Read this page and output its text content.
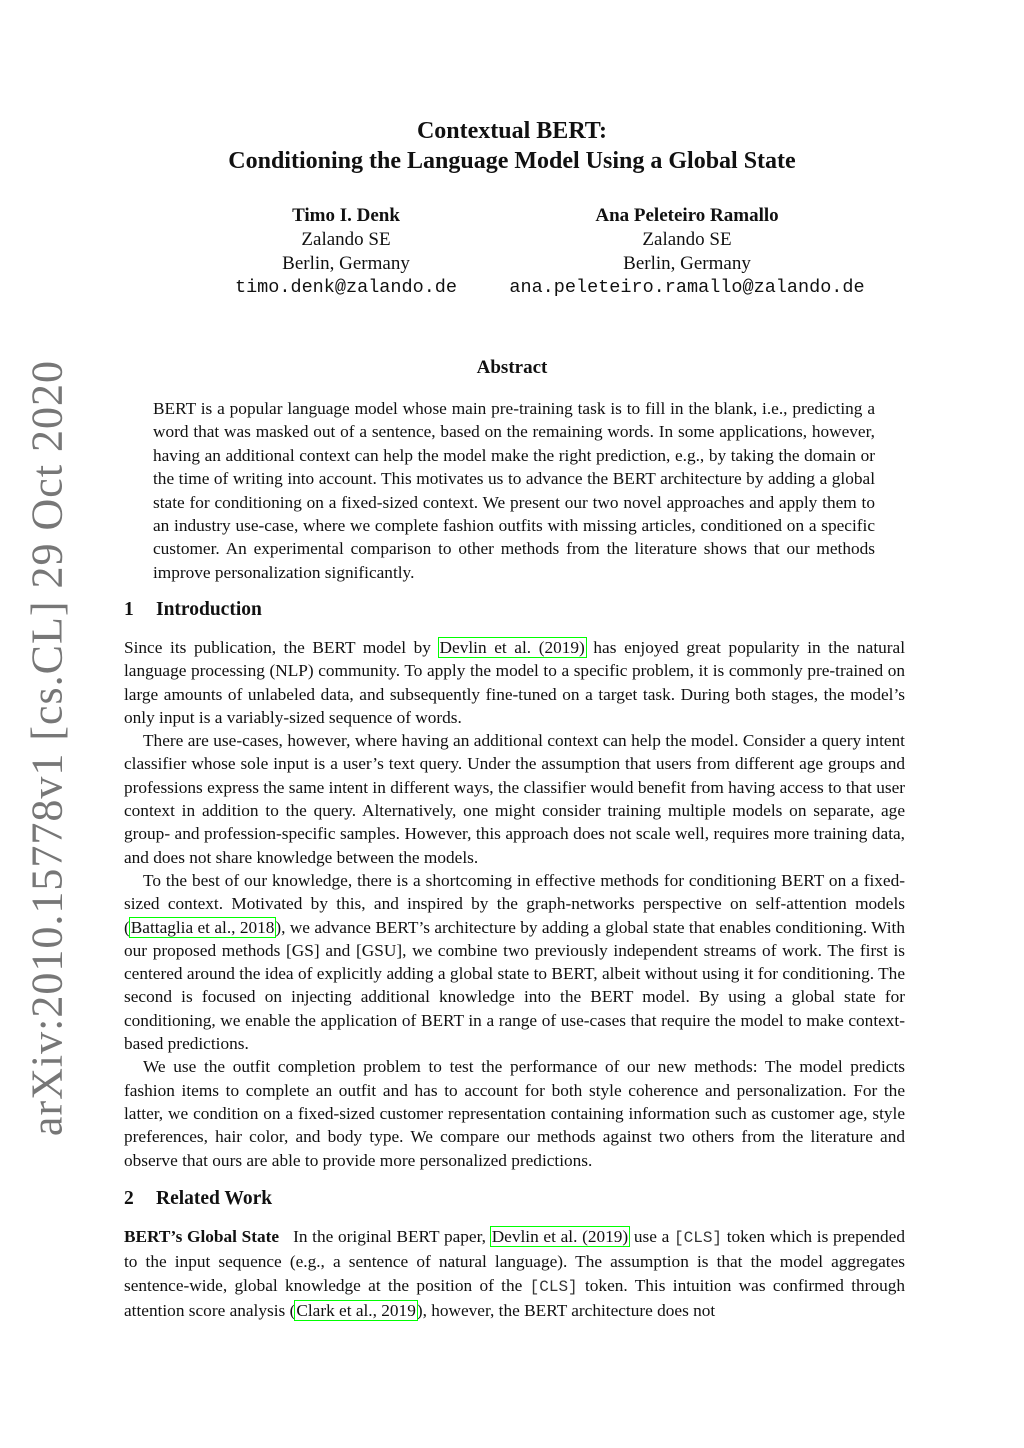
arXiv:2010.15778v1 [cs.CL] 29 Oct 2020
Contextual BERT:
Conditioning the Language Model Using a Global State
Timo I. Denk
Zalando SE
Berlin, Germany
timo.denk@zalando.de
Ana Peleteiro Ramallo
Zalando SE
Berlin, Germany
ana.peleteiro.ramallo@zalando.de
Abstract
BERT is a popular language model whose main pre-training task is to fill in the blank, i.e., predicting a word that was masked out of a sentence, based on the remaining words. In some applications, however, having an additional context can help the model make the right prediction, e.g., by taking the domain or the time of writing into account. This motivates us to advance the BERT architecture by adding a global state for conditioning on a fixed-sized context. We present our two novel approaches and apply them to an industry use-case, where we complete fashion outfits with missing articles, conditioned on a specific customer. An experimental comparison to other methods from the literature shows that our methods improve personalization significantly.
1 Introduction

Since its publication, the BERT model by Devlin et al. (2019) has enjoyed great popularity in the natural language processing (NLP) community. To apply the model to a specific problem, it is commonly pre-trained on large amounts of unlabeled data, and subsequently fine-tuned on a target task. During both stages, the model’s only input is a variably-sized sequence of words.

There are use-cases, however, where having an additional context can help the model. Consider a query intent classifier whose sole input is a user’s text query. Under the assumption that users from different age groups and professions express the same intent in different ways, the classifier would benefit from having access to that user context in addition to the query. Alternatively, one might consider training multiple models on separate, age group- and profession-specific samples. However, this approach does not scale well, requires more training data, and does not share knowledge between the models.

To the best of our knowledge, there is a shortcoming in effective methods for conditioning BERT on a fixed-sized context. Motivated by this, and inspired by the graph-networks perspective on self-attention models (Battaglia et al., 2018), we advance BERT’s architecture by adding a global state that enables conditioning. With our proposed methods [GS] and [GSU], we combine two previously independent streams of work. The first is centered around the idea of explicitly adding a global state to BERT, albeit without using it for conditioning. The second is focused on injecting additional knowledge into the BERT model. By using a global state for conditioning, we enable the application of BERT in a range of use-cases that require the model to make context-based predictions.

We use the outfit completion problem to test the performance of our new methods: The model predicts fashion items to complete an outfit and has to account for both style coherence and personalization. For the latter, we condition on a fixed-sized customer representation containing information such as customer age, style preferences, hair color, and body type. We compare our methods against two others from the literature and observe that ours are able to provide more personalized predictions.

2 Related Work

BERT’s Global State In the original BERT paper, Devlin et al. (2019) use a [CLS] token which is prepended to the input sequence (e.g., a sentence of natural language). The assumption is that the model aggregates sentence-wide, global knowledge at the position of the [CLS] token. This intuition was confirmed through attention score analysis (Clark et al., 2019), however, the BERT architecture does not
